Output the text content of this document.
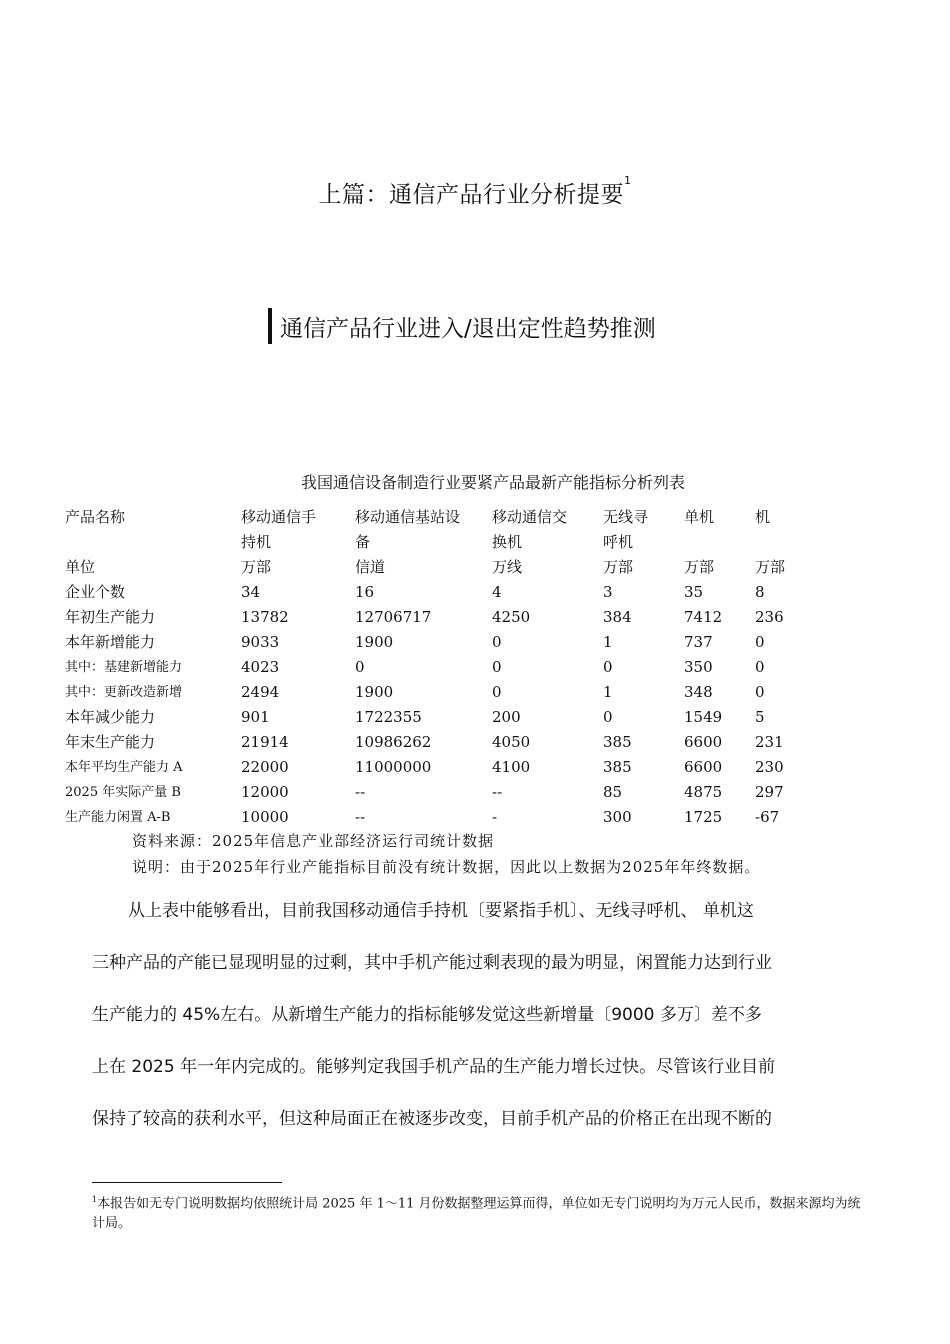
上篇：通信产品行业分析提要$^1$
通信产品行业进入/退出定性趋势推测
我国通信设备制造行业要紧产品最新产能指标分析列表
产品名称	移动通信手	移动通信基站设	移动通信交	无线寻	单机	机
	持机	备	换机	呼机		
单位	万部	信道	万线	万部	万部	万部
企业个数	34	16	4	3	35	8
年初生产能力	13782	12706717	4250	384	7412	236
本年新增能力	9033	1900	0	1	737	0
其中：基建新增能力	4023	0	0	0	350	0
其中：更新改造新增	2494	1900	0	1	348	0
本年减少能力	901	1722355	200	0	1549	5
年末生产能力	21914	10986262	4050	385	6600	231
本年平均生产能力 A	22000	11000000	4100	385	6600	230
2025 年实际产量 B	12000	--	--	85	4875	297
生产能力闲置 A-B	10000	--	-	300	1725	-67
资料来源：2025年信息产业部经济运行司统计数据
说明：由于2025年行业产能指标目前没有统计数据，因此以上数据为2025年年终数据。
从上表中能够看出，目前我国移动通信手持机〔要紧指手机〕、无线寻呼机、 单机这
三种产品的产能已显现明显的过剩，其中手机产能过剩表现的最为明显，闲置能力达到行业
生产能力的 45%左右。从新增生产能力的指标能够发觉这些新增量〔9000 多万〕差不多
上在 2025 年一年内完成的。能够判定我国手机产品的生产能力增长过快。尽管该行业目前
保持了较高的获利水平，但这种局面正在被逐步改变，目前手机产品的价格正在出现不断的
$^1$本报告如无专门说明数据均依照统计局 2025 年 1～11 月份数据整理运算而得，单位如无专门说明均为万元人民币，数据来源均为统计局。
